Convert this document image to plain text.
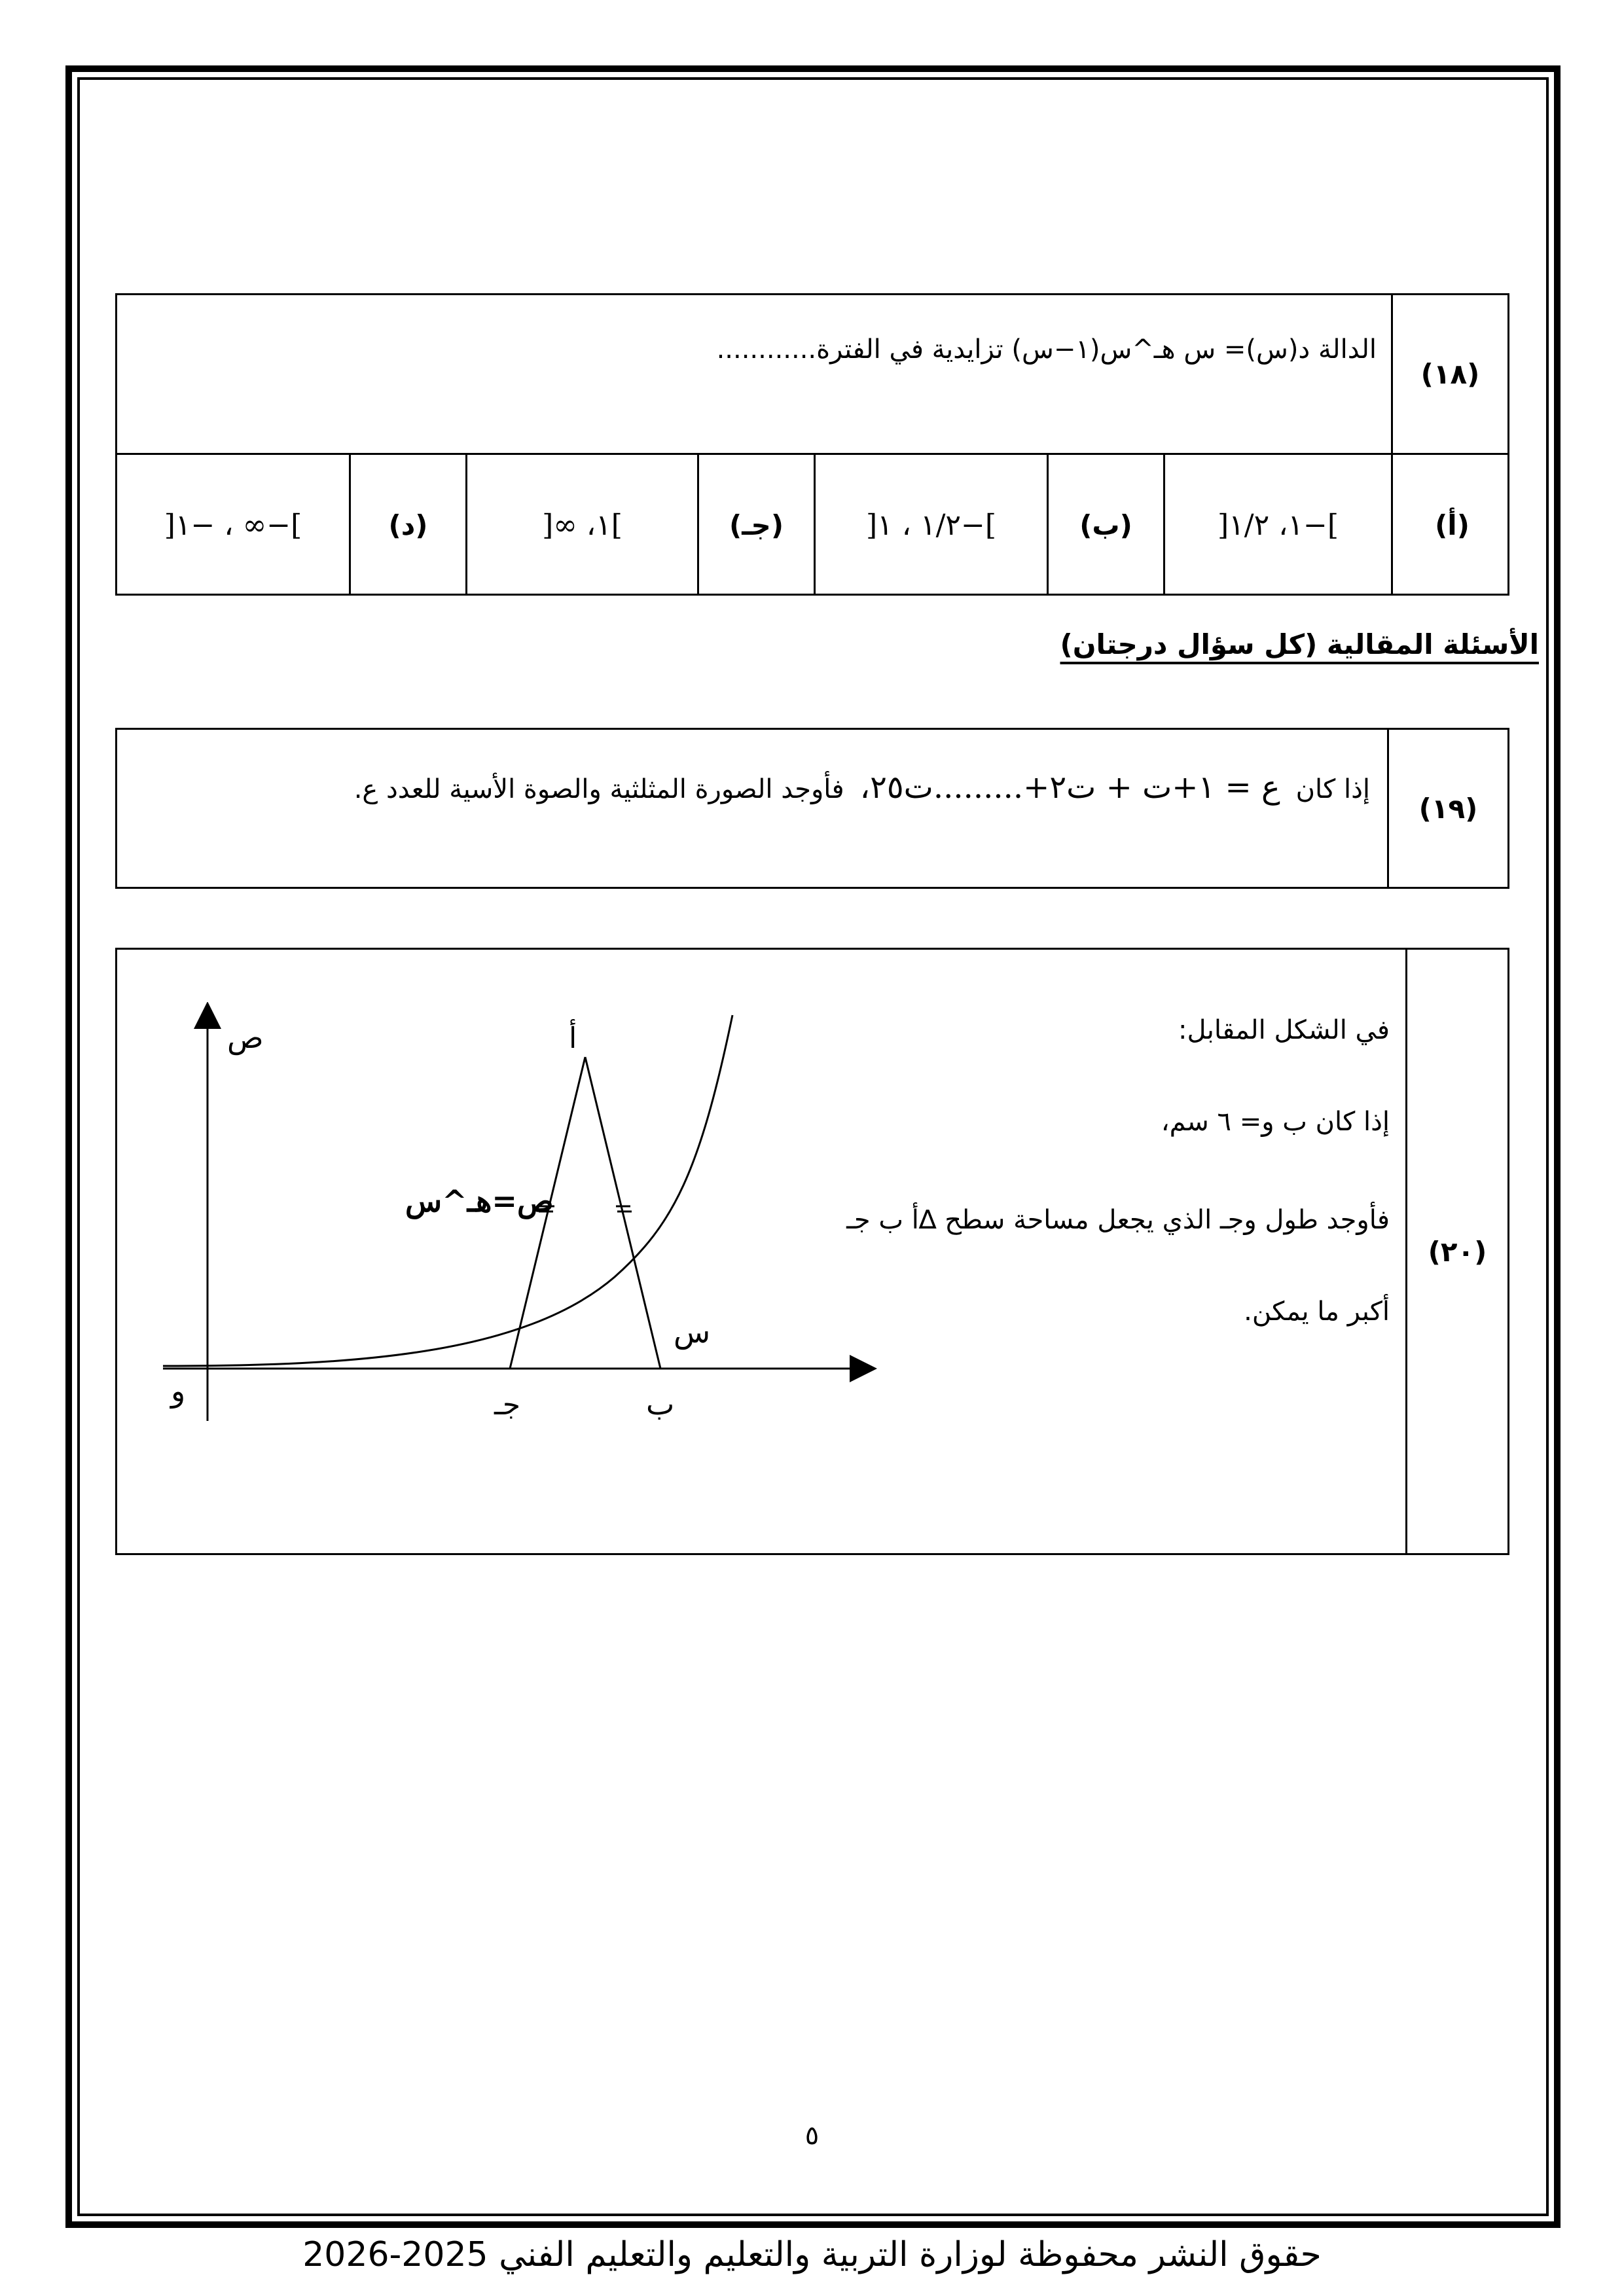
(١٨)
الدالة د(س)= س هـ^س(١−س) تزايدية في الفترة............
(أ)
]−١، ١/٢[
(ب)
]−١/٢ ، ١[
(جـ)
]١، ∞[
(د)
]−∞ ، −١[
الأسئلة المقالية (كل سؤال درجتان)
(١٩)
إذا كان
ع = ١+ت + ت٢+.........ت٢٥،
فأوجد الصورة المثلثية والصوة الأسية للعدد ع.
(٢٠)
في الشكل المقابل:
إذا كان ب و= ٦ سم،
فأوجد طول وجـ الذي يجعل مساحة سطح ∆أ ب جـ
أكبر ما يمكن.
ص
س
و
أ
ب
جـ
ص=هـ^س
٥
حقوق النشر محفوظة لوزارة التربية والتعليم والتعليم الفني 2025-2026
